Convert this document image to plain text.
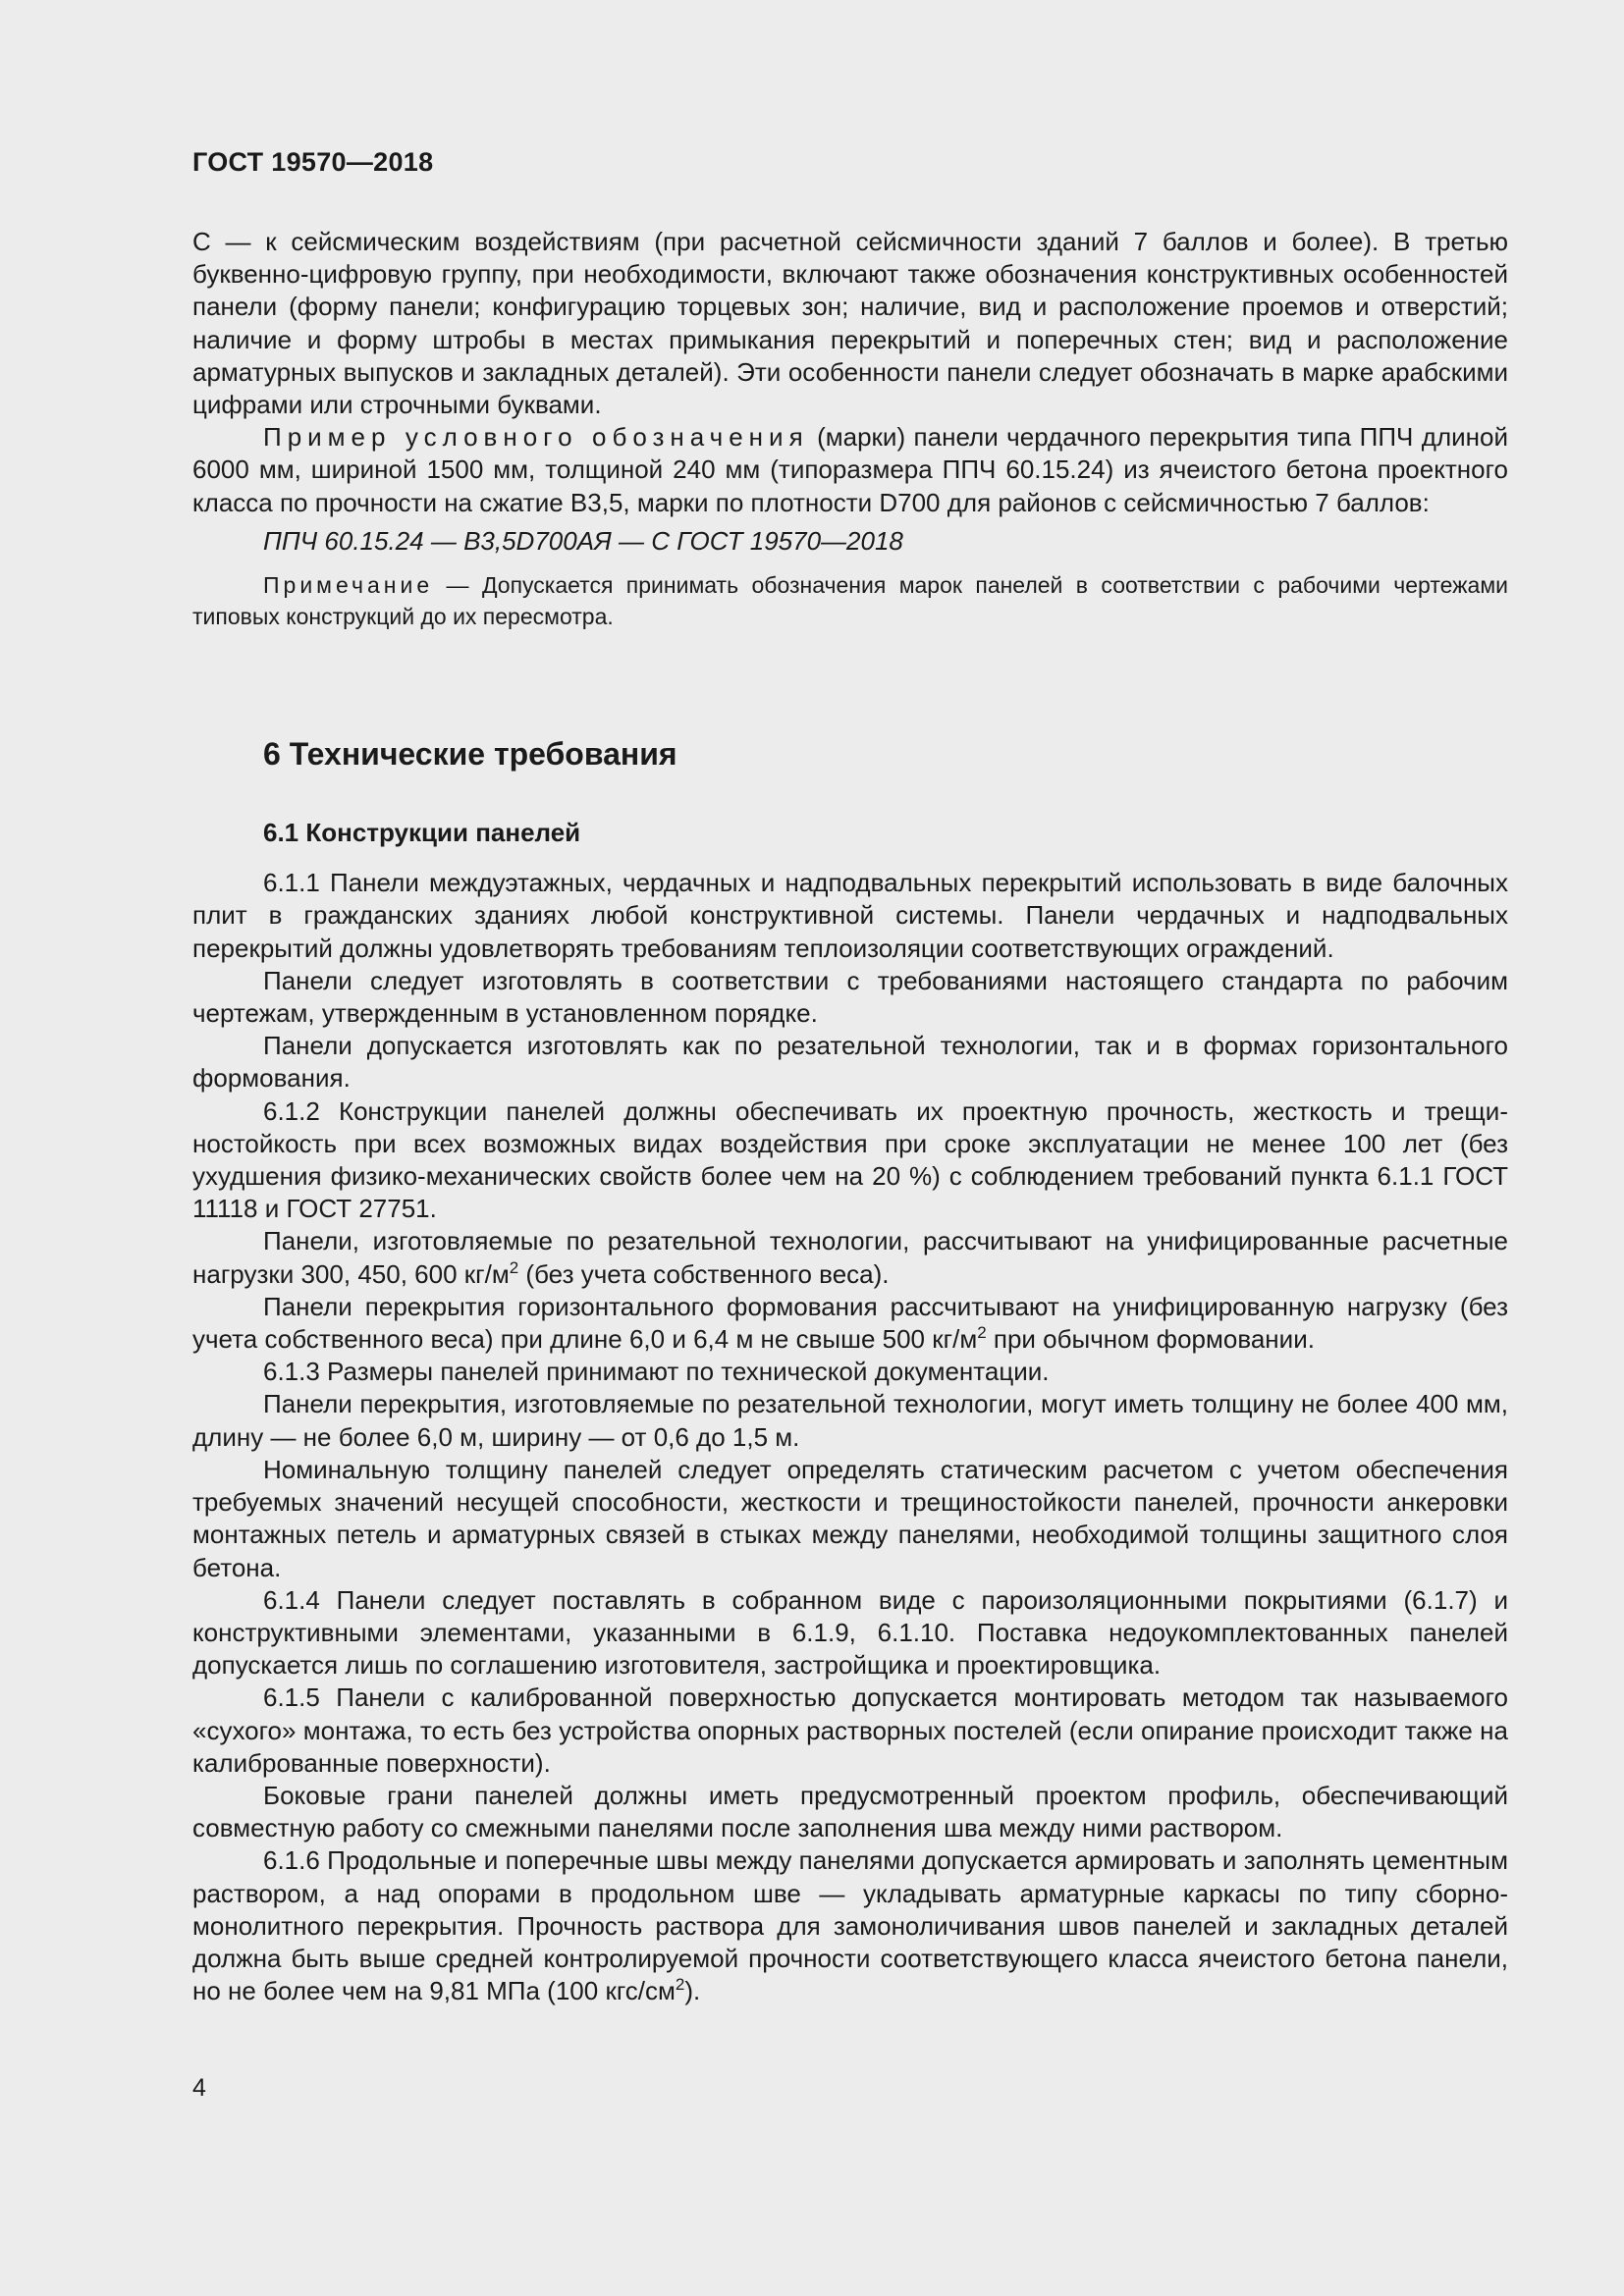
ГОСТ 19570—2018

С — к сейсмическим воздействиям (при расчетной сейсмичности зданий 7 баллов и более). В третью буквенно-цифровую группу, при необходимости, включают также обозначения конструктивных особенностей панели (форму панели; конфигурацию торцевых зон; наличие, вид и расположение проемов и отверстий; наличие и форму штробы в местах примыкания перекрытий и поперечных стен; вид и расположение арматурных выпусков и закладных деталей). Эти особенности панели следует обозначать в марке арабскими цифрами или строчными буквами.

Пример условного обозначения (марки) панели чердачного перекрытия типа ППЧ длиной 6000 мм, шириной 1500 мм, толщиной 240 мм (типоразмера ППЧ 60.15.24) из ячеистого бетона проектного класса по прочности на сжатие В3,5, марки по плотности D700 для районов с сейсмичностью 7 баллов:

ППЧ 60.15.24 — В3,5D700АЯ — С ГОСТ 19570—2018

Примечание — Допускается принимать обозначения марок панелей в соответствии с рабочими чертежами типовых конструкций до их пересмотра.

6 Технические требования

6.1 Конструкции панелей

6.1.1 Панели междуэтажных, чердачных и надподвальных перекрытий использовать в виде балочных плит в гражданских зданиях любой конструктивной системы. Панели чердачных и надподвальных перекрытий должны удовлетворять требованиям теплоизоляции соответствующих ограждений.

Панели следует изготовлять в соответствии с требованиями настоящего стандарта по рабочим чертежам, утвержденным в установленном порядке.

Панели допускается изготовлять как по резательной технологии, так и в формах горизонтального формования.

6.1.2 Конструкции панелей должны обеспечивать их проектную прочность, жесткость и трещиностойкость при всех возможных видах воздействия при сроке эксплуатации не менее 100 лет (без ухудшения физико-механических свойств более чем на 20 %) с соблюдением требований пункта 6.1.1 ГОСТ 11118 и ГОСТ 27751.

Панели, изготовляемые по резательной технологии, рассчитывают на унифицированные расчетные нагрузки 300, 450, 600 $кг/м^2$ (без учета собственного веса).

Панели перекрытия горизонтального формования рассчитывают на унифицированную нагрузку (без учета собственного веса) при длине 6,0 и 6,4 м не свыше 500 $кг/м^2$ при обычном формовании.

6.1.3 Размеры панелей принимают по технической документации.

Панели перекрытия, изготовляемые по резательной технологии, могут иметь толщину не более 400 мм, длину — не более 6,0 м, ширину — от 0,6 до 1,5 м.

Номинальную толщину панелей следует определять статическим расчетом с учетом обеспечения требуемых значений несущей способности, жесткости и трещиностойкости панелей, прочности анкеровки монтажных петель и арматурных связей в стыках между панелями, необходимой толщины защитного слоя бетона.

6.1.4 Панели следует поставлять в собранном виде с пароизоляционными покрытиями (6.1.7) и конструктивными элементами, указанными в 6.1.9, 6.1.10. Поставка недоукомплектованных панелей допускается лишь по соглашению изготовителя, застройщика и проектировщика.

6.1.5 Панели с калиброванной поверхностью допускается монтировать методом так называемого «сухого» монтажа, то есть без устройства опорных растворных постелей (если опирание происходит также на калиброванные поверхности).

Боковые грани панелей должны иметь предусмотренный проектом профиль, обеспечивающий совместную работу со смежными панелями после заполнения шва между ними раствором.

6.1.6 Продольные и поперечные швы между панелями допускается армировать и заполнять цементным раствором, а над опорами в продольном шве — укладывать арматурные каркасы по типу сборно-монолитного перекрытия. Прочность раствора для замоноличивания швов панелей и закладных деталей должна быть выше средней контролируемой прочности соответствующего класса ячеистого бетона панели, но не более чем на 9,81 МПа (100 кгс/$см^2$).

4
